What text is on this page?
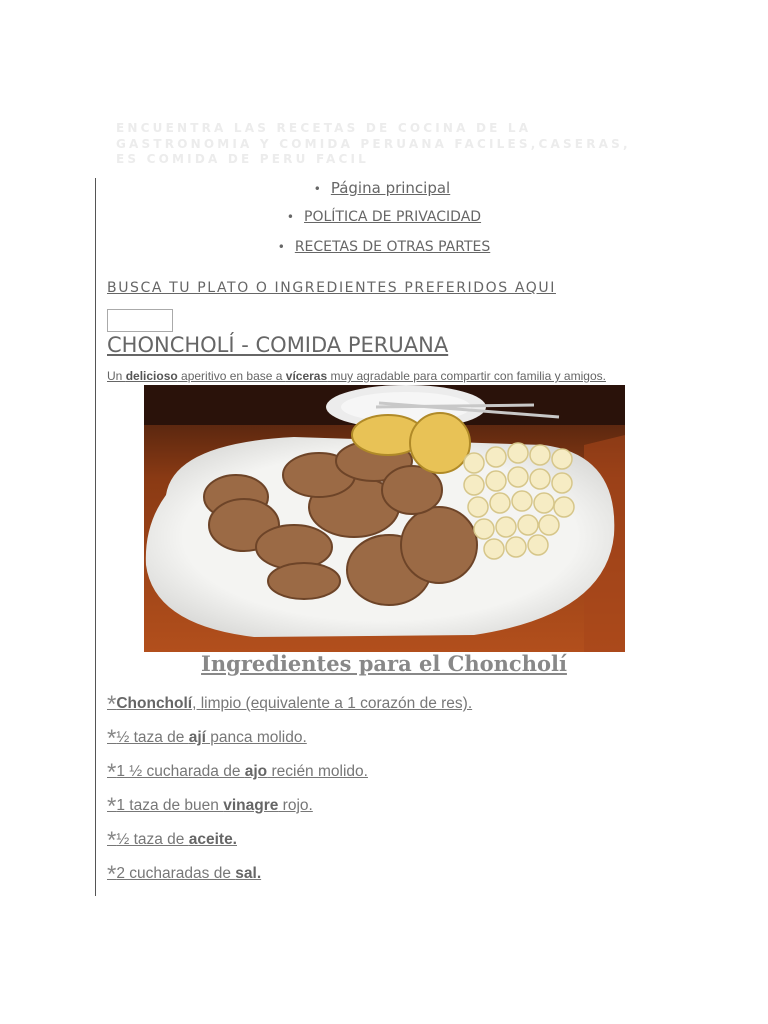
ENCUENTRA LAS RECETAS DE COCINA DE LA GASTRONOMIA Y COMIDA PERUANA FACILES,CASERAS, ES COMIDA DE PERU FACIL
• Página principal
• POLÍTICA DE PRIVACIDAD
• RECETAS DE OTRAS PARTES
BUSCA TU PLATO O INGREDIENTES PREFERIDOS AQUI
CHONCHOLÍ - COMIDA PERUANA
Un delicioso aperitivo en base a víceras muy agradable para compartir con familia y amigos.
Ingredientes para el Choncholí
*Choncholí, limpio (equivalente a 1 corazón de res).
*½ taza de ají panca molido.
*1 ½ cucharada de ajo recién molido.
*1 taza de buen vinagre rojo.
*½ taza de aceite.
*2 cucharadas de sal.
